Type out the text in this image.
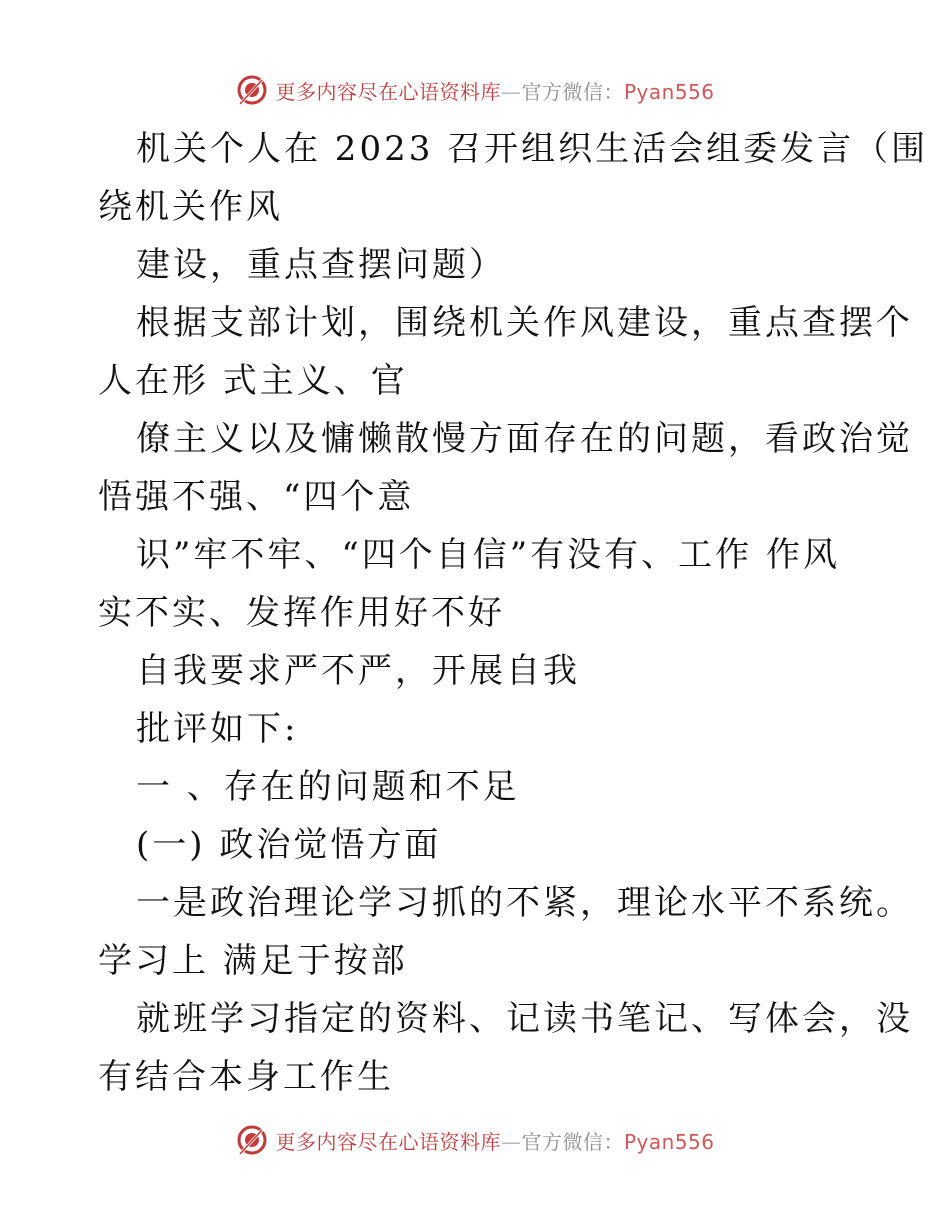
更多内容尽在心语资料库—官方微信：Pyan556
机关个人在 2023 召开组织生活会组委发言（围
绕机关作风
建设，重点查摆问题）
根据支部计划，围绕机关作风建设，重点查摆个
人在形 式主义、官
僚主义以及慵懒散慢方面存在的问题，看政治觉
悟强不强、“四个意
识”牢不牢、“四个自信”有没有、工作 作风
实不实、发挥作用好不好
自我要求严不严，开展自我
批评如下:
一 、存在的问题和不足
(一) 政治觉悟方面
一是政治理论学习抓的不紧，理论水平不系统。
学习上 满足于按部
就班学习指定的资料、记读书笔记、写体会，没
有结合本身工作生
更多内容尽在心语资料库—官方微信：Pyan556
